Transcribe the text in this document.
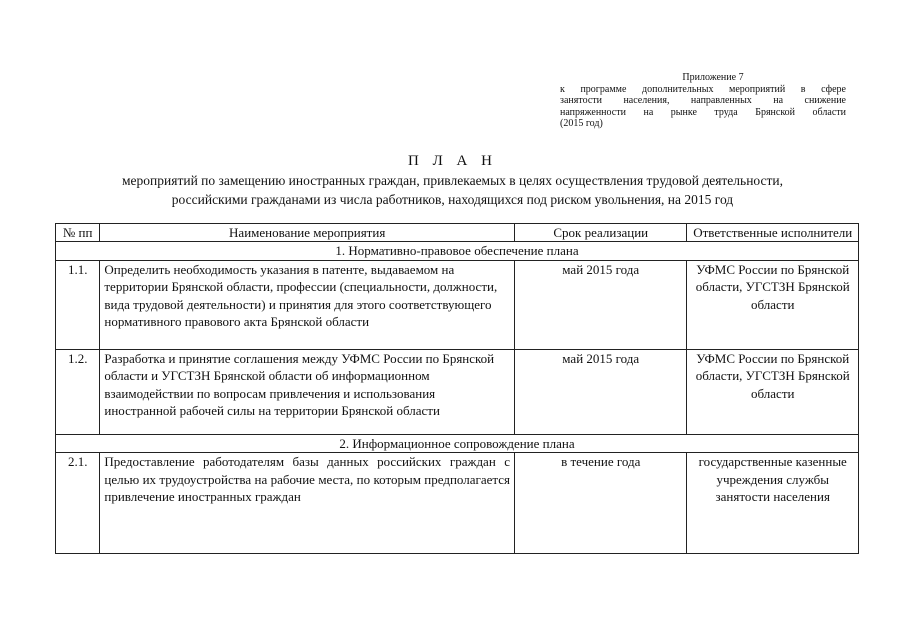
Приложение 7
к программе дополнительных мероприятий в сфере
занятости населения, направленных на снижение
напряженности на рынке труда Брянской области
(2015 год)
П Л А Н
мероприятий по замещению иностранных граждан, привлекаемых в целях осуществления трудовой деятельности,
российскими гражданами из числа работников, находящихся под риском увольнения, на 2015 год
№ пп	Наименование мероприятия	Срок реализации	Ответственные исполнители
1. Нормативно-правовое обеспечение плана			
1.1.	Определить необходимость указания в патенте, выдаваемом на территории Брянской области, профессии (специальности, должности, вида трудовой деятельности) и принятия для этого соответствующего нормативного правового акта Брянской области	май 2015 года	УФМС России по Брянской области, УГСТЗН Брянской области
1.2.	Разработка и принятие соглашения между УФМС России по Брянской области и УГСТЗН Брянской области об информационном взаимодействии по вопросам привлечения и использования иностранной рабочей силы на территории Брянской области	май 2015 года	УФМС России по Брянской области, УГСТЗН Брянской области
2. Информационное сопровождение плана			
2.1.	Предоставление работодателям базы данных российских граждан с целью их трудоустройства на рабочие места, по которым предполагается привлечение иностранных граждан	в течение года	государственные казенные учреждения службы занятости населения
